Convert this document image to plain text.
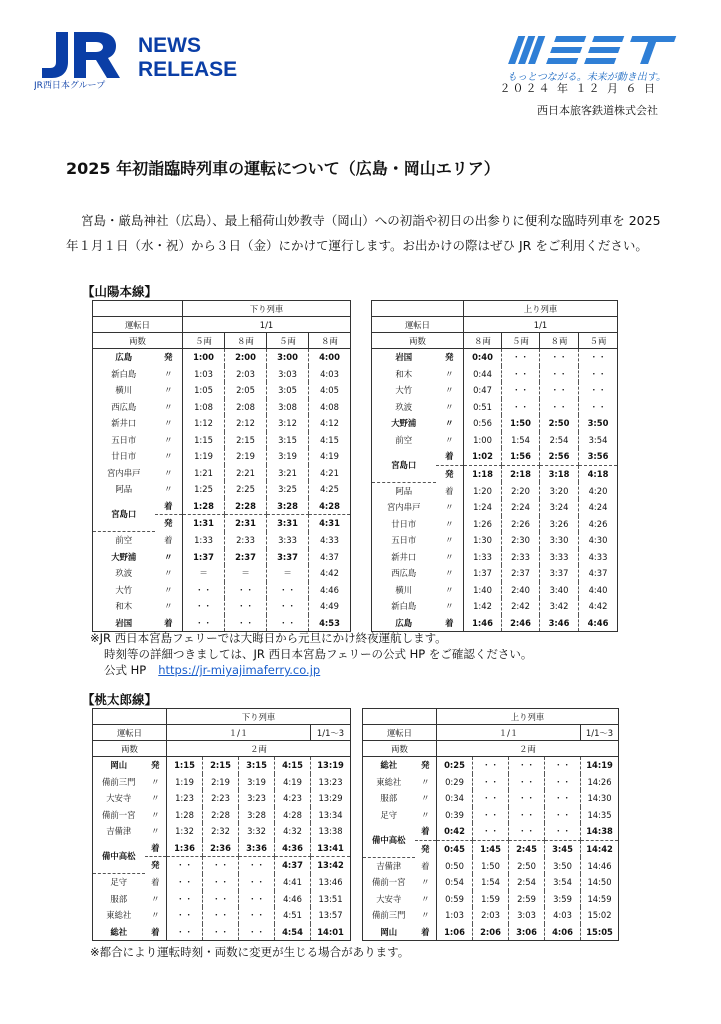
JR西日本グループ
NEWS
RELEASE
WEST
もっとつながる。未来が動き出す。
２０２４ 年 １２ 月 ６ 日
西日本旅客鉄道株式会社
2025 年初詣臨時列車の運転について（広島・岡山エリア）
宮島・厳島神社（広島）、最上稲荷山妙教寺（岡山）への初詣や初日の出参りに便利な臨時列車を 2025 年１月１日（水・祝）から３日（金）にかけて運行します。お出かけの際はぜひ JR をご利用ください。
【山陽本線】
		下り列車			
運転日		1/1			
両数		５両	８両	５両	８両
広島	発	1:00	2:00	3:00	4:00
新白島	〃	1:03	2:03	3:03	4:03
横川	〃	1:05	2:05	3:05	4:05
西広島	〃	1:08	2:08	3:08	4:08
新井口	〃	1:12	2:12	3:12	4:12
五日市	〃	1:15	2:15	3:15	4:15
廿日市	〃	1:19	2:19	3:19	4:19
宮内串戸	〃	1:21	2:21	3:21	4:21
阿品	〃	1:25	2:25	3:25	4:25
宮島口	着	1:28	2:28	3:28	4:28
	発	1:31	2:31	3:31	4:31
前空	着	1:33	2:33	3:33	4:33
大野浦	〃	1:37	2:37	3:37	4:37
玖波	〃	＝	＝	＝	4:42
大竹	〃	・・	・・	・・	4:46
和木	〃	・・	・・	・・	4:49
岩国	着	・・	・・	・・	4:53
		上り列車			
運転日		1/1			
両数		８両	５両	８両	５両
岩国	発	0:40	・・	・・	・・
和木	〃	0:44	・・	・・	・・
大竹	〃	0:47	・・	・・	・・
玖波	〃	0:51	・・	・・	・・
大野浦	〃	0:56	1:50	2:50	3:50
前空	〃	1:00	1:54	2:54	3:54
宮島口	着	1:02	1:56	2:56	3:56
	発	1:18	2:18	3:18	4:18
阿品	着	1:20	2:20	3:20	4:20
宮内串戸	〃	1:24	2:24	3:24	4:24
廿日市	〃	1:26	2:26	3:26	4:26
五日市	〃	1:30	2:30	3:30	4:30
新井口	〃	1:33	2:33	3:33	4:33
西広島	〃	1:37	2:37	3:37	4:37
横川	〃	1:40	2:40	3:40	4:40
新白島	〃	1:42	2:42	3:42	4:42
広島	着	1:46	2:46	3:46	4:46
※JR 西日本宮島フェリーでは大晦日から元旦にかけ終夜運航します。
時刻等の詳細つきましては、JR 西日本宮島フェリーの公式 HP をご確認ください。
公式 HP https://jr-miyajimaferry.co.jp
【桃太郎線】
		下り列車				
運転日		１/１				1/1〜3
両数		２両				
岡山	発	1:15	2:15	3:15	4:15	13:19
備前三門	〃	1:19	2:19	3:19	4:19	13:23
大安寺	〃	1:23	2:23	3:23	4:23	13:29
備前一宮	〃	1:28	2:28	3:28	4:28	13:34
吉備津	〃	1:32	2:32	3:32	4:32	13:38
備中高松	着	1:36	2:36	3:36	4:36	13:41
	発	・・	・・	・・	4:37	13:42
足守	着	・・	・・	・・	4:41	13:46
服部	〃	・・	・・	・・	4:46	13:51
東総社	〃	・・	・・	・・	4:51	13:57
総社	着	・・	・・	・・	4:54	14:01
		上り列車				
運転日		１/１				1/1〜3
両数		２両				
総社	発	0:25	・・	・・	・・	14:19
東総社	〃	0:29	・・	・・	・・	14:26
服部	〃	0:34	・・	・・	・・	14:30
足守	〃	0:39	・・	・・	・・	14:35
備中高松	着	0:42	・・	・・	・・	14:38
	発	0:45	1:45	2:45	3:45	14:42
吉備津	着	0:50	1:50	2:50	3:50	14:46
備前一宮	〃	0:54	1:54	2:54	3:54	14:50
大安寺	〃	0:59	1:59	2:59	3:59	14:59
備前三門	〃	1:03	2:03	3:03	4:03	15:02
岡山	着	1:06	2:06	3:06	4:06	15:05
※都合により運転時刻・両数に変更が生じる場合があります。
